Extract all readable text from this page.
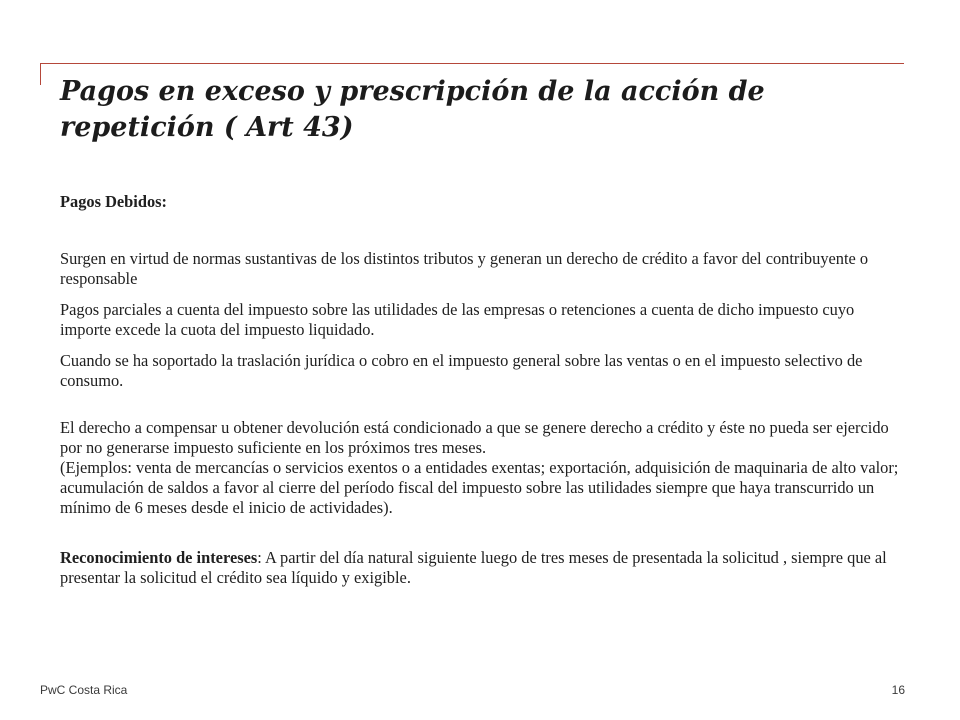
Pagos en exceso y prescripción de la acción de repetición ( Art 43)

Pagos Debidos:

Surgen en virtud de normas sustantivas de los distintos tributos y generan un derecho de crédito a favor del contribuyente o responsable

Pagos parciales a cuenta del impuesto sobre las utilidades de las empresas o retenciones a cuenta de dicho impuesto cuyo importe excede la cuota del impuesto liquidado.

Cuando se ha soportado la traslación jurídica o cobro en el impuesto general sobre las ventas o en el impuesto selectivo de consumo.

El derecho a compensar u obtener devolución está condicionado a que se genere derecho a crédito y éste no pueda ser ejercido por no generarse impuesto suficiente en los próximos tres meses.
(Ejemplos: venta de mercancías o servicios exentos o a entidades exentas; exportación, adquisición de maquinaria de alto valor; acumulación de saldos a favor al cierre del período fiscal del impuesto sobre las utilidades siempre que haya transcurrido un mínimo de 6 meses desde el inicio de actividades).

Reconocimiento de intereses: A partir del día natural siguiente luego de tres meses de presentada la solicitud , siempre que al presentar la solicitud el crédito sea líquido y exigible.

PwC Costa Rica	16
